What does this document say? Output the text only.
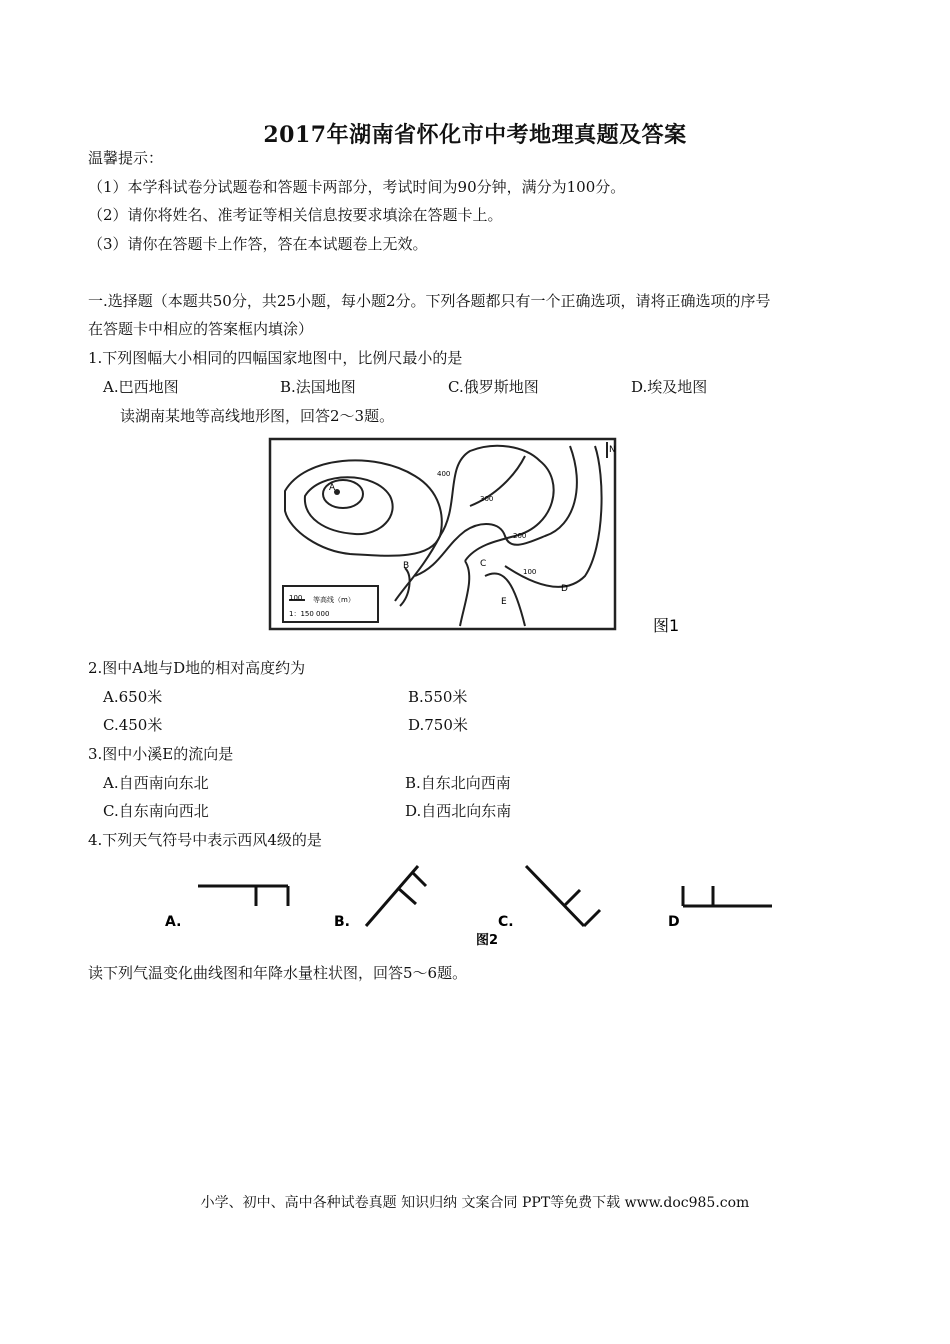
2017年湖南省怀化市中考地理真题及答案
温馨提示：
（1）本学科试卷分试题卷和答题卡两部分，考试时间为90分钟，满分为100分。
（2）请你将姓名、准考证等相关信息按要求填涂在答题卡上。
（3）请你在答题卡上作答，答在本试题卷上无效。
一.选择题（本题共50分，共25小题，每小题2分。下列各题都只有一个正确选项，请将正确选项的序号
在答题卡中相应的答案框内填涂）
1.下列图幅大小相同的四幅国家地图中，比例尺最小的是
A.巴西地图	B.法国地图	C.俄罗斯地图	D.埃及地图
读湖南某地等高线地形图，回答2～3题。
100 等高线（m）
1：150 000
400
300
200
100
A
B	C
D
E
N
图1
2.图中A地与D地的相对高度约为
A.650米	B.550米
C.450米	D.750米
3.图中小溪E的流向是
A.自西南向东北	B.自东北向西南
C.自东南向西北	D.自西北向东南
4.下列天气符号中表示西风4级的是
A.	B.	C.	D
图2
读下列气温变化曲线图和年降水量柱状图，回答5～6题。
小学、初中、高中各种试卷真题 知识归纳 文案合同 PPT等免费下载 www.doc985.com
